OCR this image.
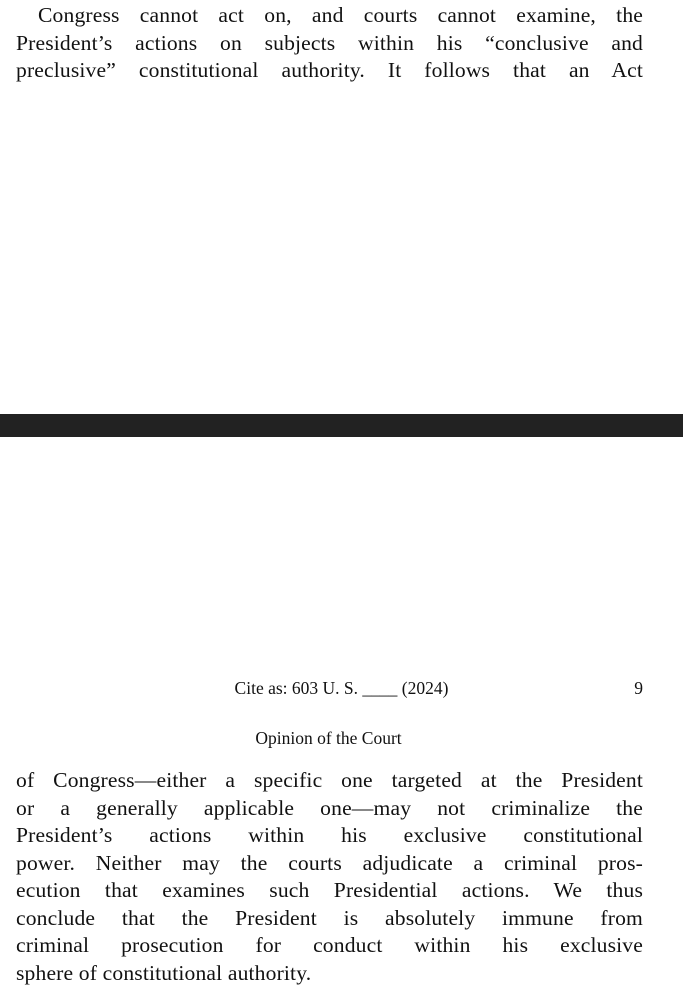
Congress cannot act on, and courts cannot examine, the
President’s actions on subjects within his “conclusive and
preclusive” constitutional authority. It follows that an Act
Cite as: 603 U. S. ____ (2024)	9
Opinion of the Court
of Congress—either a specific one targeted at the President
or a generally applicable one—may not criminalize the
President’s actions within his exclusive constitutional
power. Neither may the courts adjudicate a criminal pros-
ecution that examines such Presidential actions. We thus
conclude that the President is absolutely immune from
criminal prosecution for conduct within his exclusive
sphere of constitutional authority.
